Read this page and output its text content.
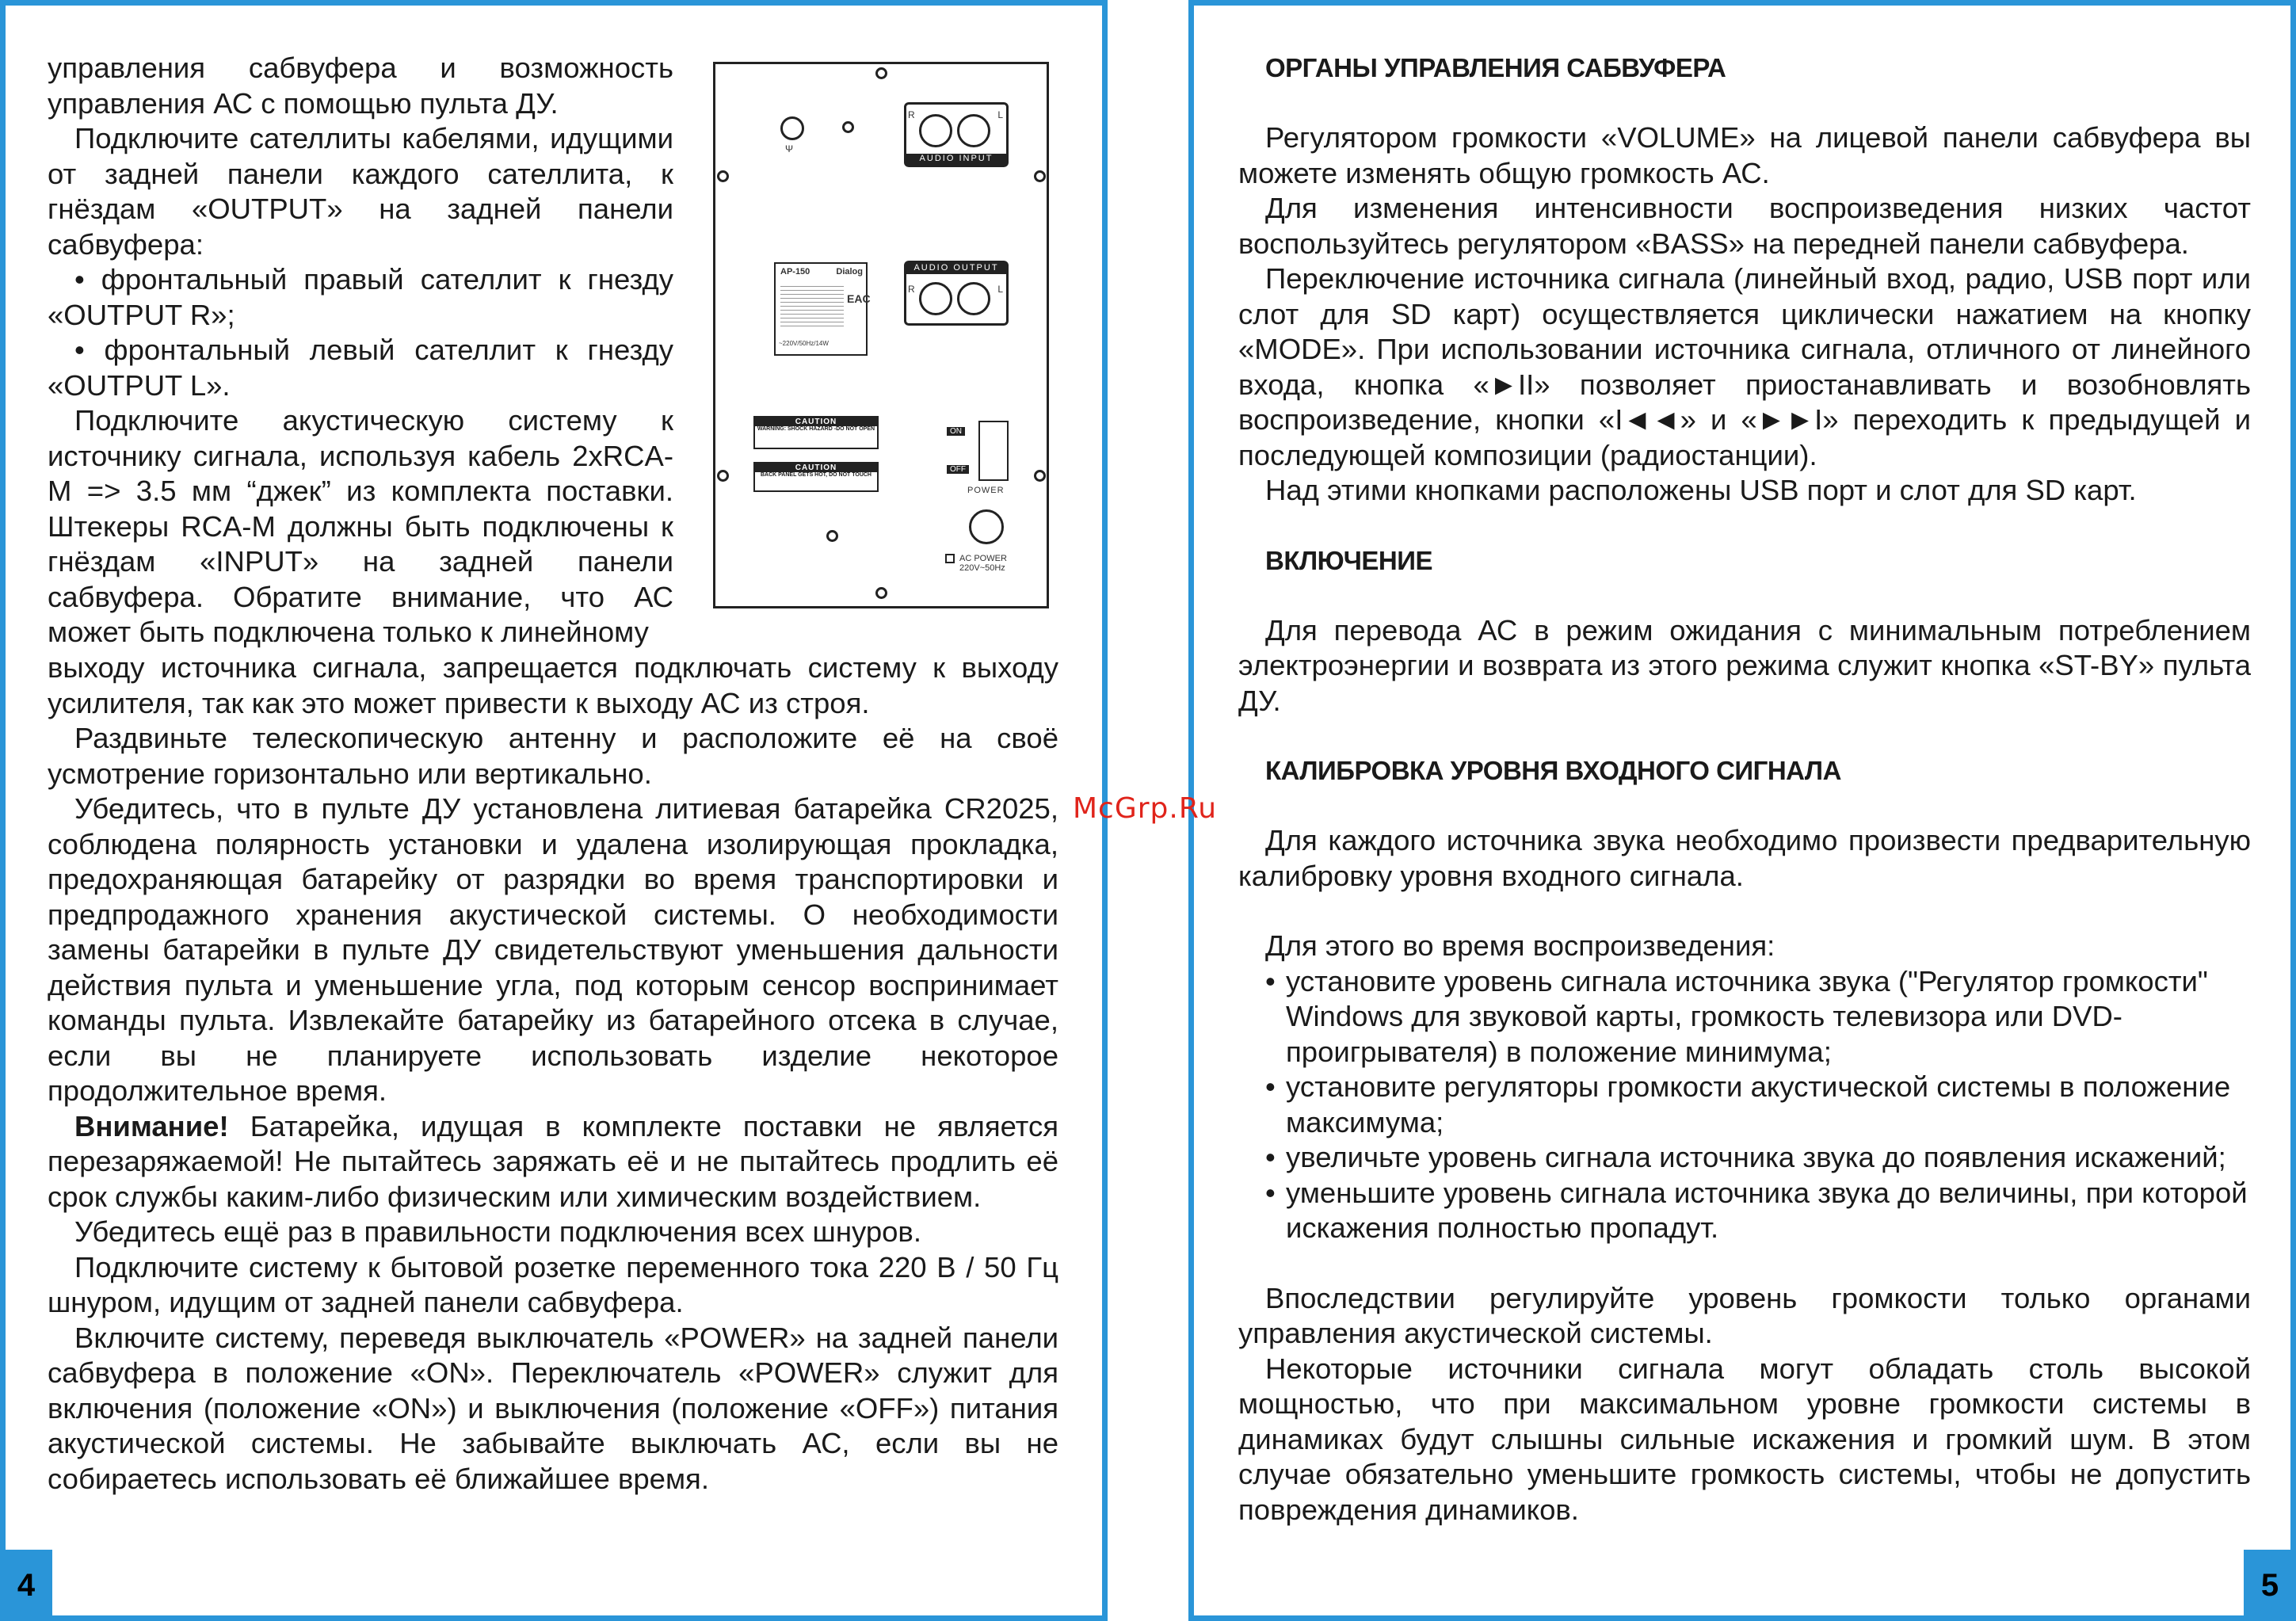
4	5

управления сабвуфера и возможность управления АС с помощью пульта ДУ.

Подключите сателлиты кабелями, идущими от задней панели каждого сателлита, к гнёздам «OUTPUT» на задней панели сабвуфера:

• фронтальный правый сателлит к гнезду «OUTPUT R»;

• фронтальный левый сателлит к гнезду «OUTPUT L».

Подключите акустическую систему к источнику сигнала, используя кабель 2xRCA-M => 3.5 мм “джек” из комплекта поставки. Штекеры RCA-M должны быть подключены к гнёздам «INPUT» на задней панели сабвуфера. Обратите внимание, что АС может быть подключена только к линейному

Ψ
R	L
AUDIO INPUT
AUDIO OUTPUT
R	L
AP-150	Dialog
EAC
~220V/50Hz/14W
CAUTION
WARNING: SHOCK HAZARD -DO NOT OPEN
CAUTION
BACK PANEL GETS HOT, DO NOT TOUCH
ON
OFF
POWER
AC POWER
220V~50Hz

выходу источника сигнала, запрещается подключать систему к выходу усилителя, так как это может привести к выходу АС из строя.

Раздвиньте телескопическую антенну и расположите её на своё усмотрение горизонтально или вертикально.

Убедитесь, что в пульте ДУ установлена литиевая батарейка CR2025, соблюдена полярность установки и удалена изолирующая прокладка, предохраняющая батарейку от разрядки во время транспортировки и предпродажного хранения акустической системы. О необходимости замены батарейки в пульте ДУ свидетельствуют уменьшения дальности действия пульта и уменьшение угла, под которым сенсор воспринимает команды пульта. Извлекайте батарейку из батарейного отсека в случае, если вы не планируете использовать изделие некоторое продолжительное время.

Внимание! Батарейка, идущая в комплекте поставки не является перезаряжаемой! Не пытайтесь заряжать её и не пытайтесь продлить её срок службы каким-либо физическим или химическим воздействием.

Убедитесь ещё раз в правильности подключения всех шнуров.

Подключите систему к бытовой розетке переменного тока 220 В / 50 Гц шнуром, идущим от задней панели сабвуфера.

Включите систему, переведя выключатель «POWER» на задней панели сабвуфера в положение «ON». Переключатель «POWER» служит для включения (положение «ON») и выключения (положение «OFF») питания акустической системы. Не забывайте выключать АС, если вы не собираетесь использовать её ближайшее время.

McGrp.Ru
ОРГАНЫ УПРАВЛЕНИЯ САБВУФЕРА

Регулятором громкости «VOLUME» на лицевой панели сабвуфера вы можете изменять общую громкость АС.

Для изменения интенсивности воспроизведения низких частот воспользуйтесь регулятором «BASS» на передней панели сабвуфера.

Переключение источника сигнала (линейный вход, радио, USB порт или слот для SD карт) осуществляется циклически нажатием на кнопку «MODE». При использовании источника сигнала, отличного от линейного входа, кнопка «►II» позволяет приостанавливать и возобновлять воспроизведение, кнопки «I◄◄» и «►►I» переходить к предыдущей и последующей композиции (радиостанции).

Над этими кнопками расположены USB порт и слот для SD карт.

ВКЛЮЧЕНИЕ

Для перевода АС в режим ожидания с минимальным потреблением электроэнергии и возврата из этого режима служит кнопка «ST-BY» пульта ДУ.

КАЛИБРОВКА УРОВНЯ ВХОДНОГО СИГНАЛА

Для каждого источника звука необходимо произвести предварительную калибровку уровня входного сигнала.

Для этого во время воспроизведения:

• установите уровень сигнала источника звука ("Регулятор громкости" Windows для звуковой карты, громкость телевизора или DVD-проигрывателя) в положение минимума;
• установите регуляторы громкости акустической системы в положение максимума;
• увеличьте уровень сигнала источника звука до появления искажений;
• уменьшите уровень сигнала источника звука до величины, при которой искажения полностью пропадут.

Впоследствии регулируйте уровень громкости только органами управления акустической системы.

Некоторые источники сигнала могут обладать столь высокой мощностью, что при максимальном уровне громкости системы в динамиках будут слышны сильные искажения и громкий шум. В этом случае обязательно уменьшите громкость системы, чтобы не допустить повреждения динамиков.
